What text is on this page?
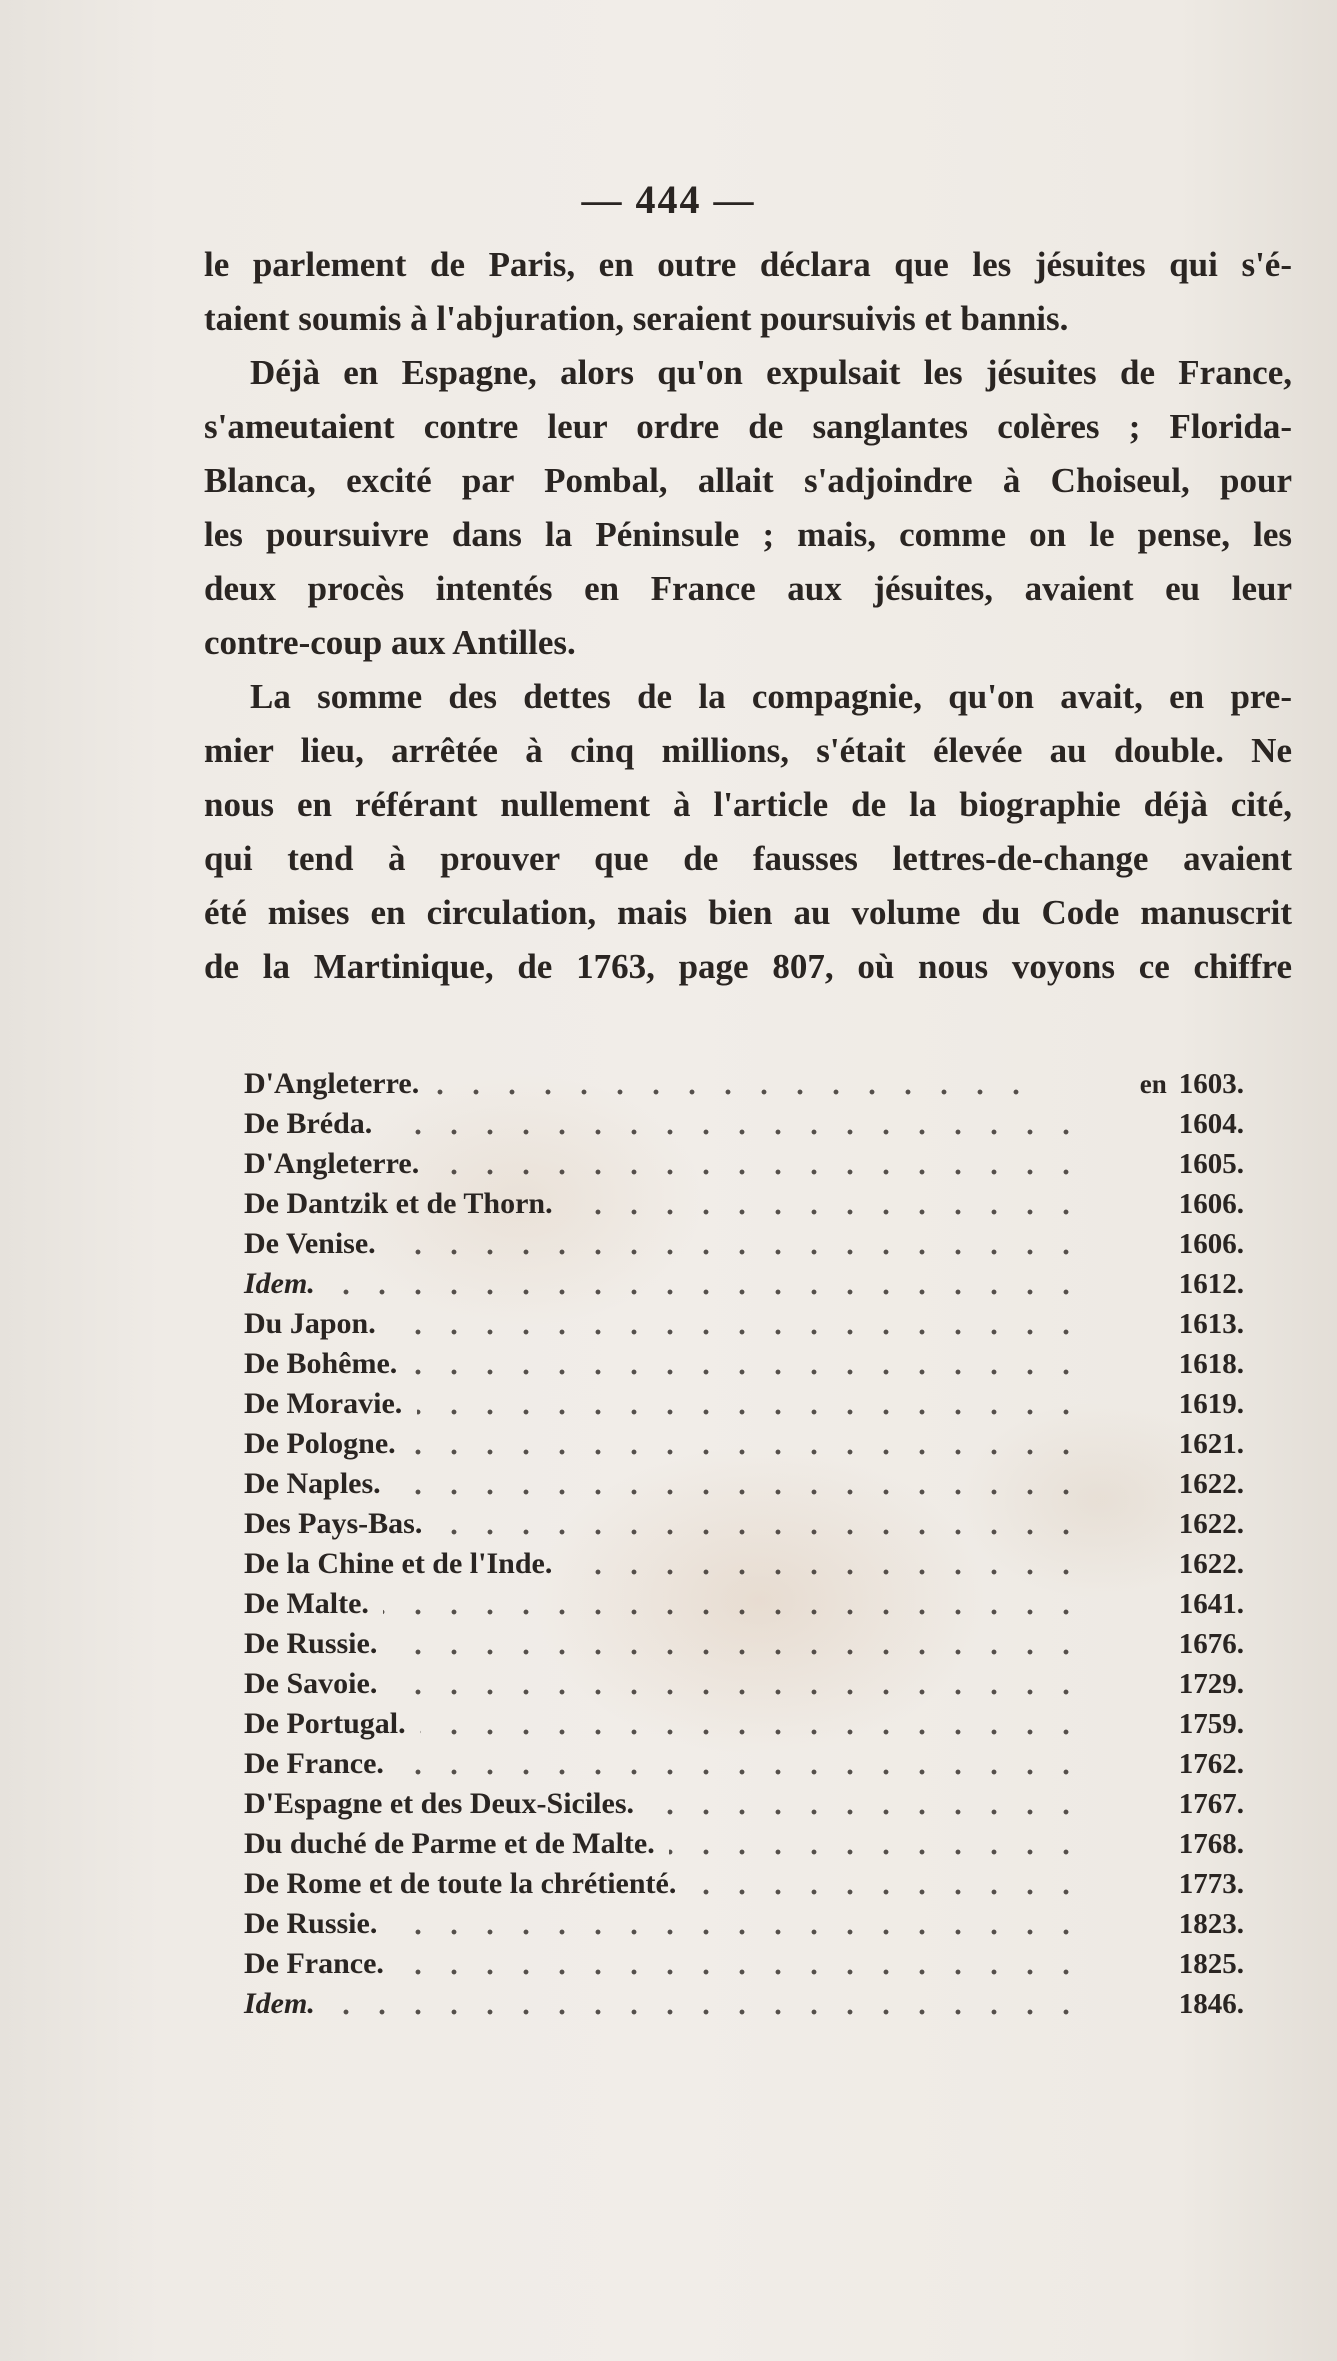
— 444 —
le parlement de Paris, en outre déclara que les jésuites qui s'é-
taient soumis à l'abjuration, seraient poursuivis et bannis.
Déjà en Espagne, alors qu'on expulsait les jésuites de France,
s'ameutaient contre leur ordre de sanglantes colères ; Florida-
Blanca, excité par Pombal, allait s'adjoindre à Choiseul, pour
les poursuivre dans la Péninsule ; mais, comme on le pense, les
deux procès intentés en France aux jésuites, avaient eu leur
contre-coup aux Antilles.
La somme des dettes de la compagnie, qu'on avait, en pre-
mier lieu, arrêtée à cinq millions, s'était élevée au double. Ne
nous en référant nullement à l'article de la biographie déjà cité,
qui tend à prouver que de fausses lettres-de-change avaient
été mises en circulation, mais bien au volume du Code manuscrit
de la Martinique, de 1763, page 807, où nous voyons ce chiffre
D'Angleterre.	en 1603.
De Bréda.	1604.
D'Angleterre.	1605.
De Dantzik et de Thorn.	1606.
De Venise.	1606.
Idem.	1612.
Du Japon.	1613.
De Bohême.	1618.
De Moravie.	1619.
De Pologne.	1621.
De Naples.	1622.
Des Pays-Bas.	1622.
De la Chine et de l'Inde.	1622.
De Malte.	1641.
De Russie.	1676.
De Savoie.	1729.
De Portugal.	1759.
De France.	1762.
D'Espagne et des Deux-Siciles.	1767.
Du duché de Parme et de Malte.	1768.
De Rome et de toute la chrétienté.	1773.
De Russie.	1823.
De France.	1825.
Idem.	1846.
